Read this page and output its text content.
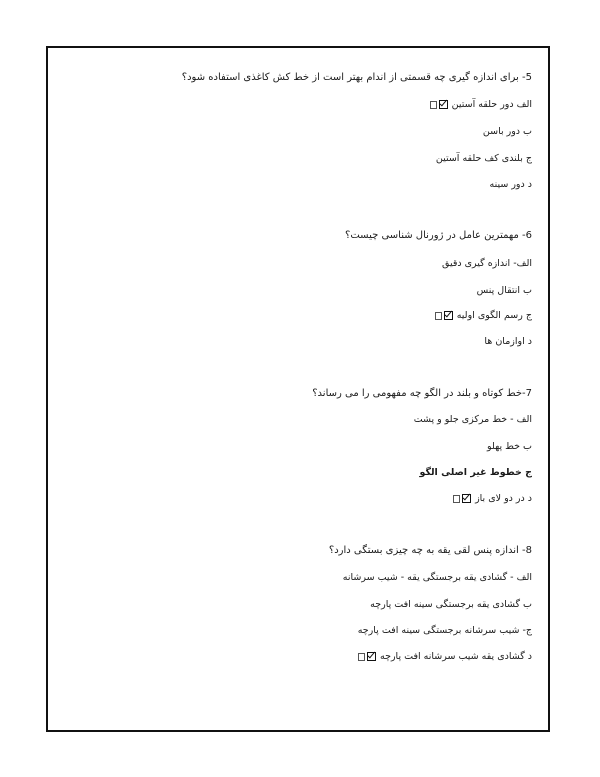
5- برای اندازه گیری چه قسمتی از اندام بهتر است از خط کش کاغذی استفاده شود؟
الف دور حلقه آستین
ب دور باسن
ج بلندی کف حلقه آستین
د دور سینه
6- مهمترین عامل در ژورنال شناسی چیست؟
الف- اندازه گیری دقیق
ب انتقال پنس
ج رسم الگوی اولیه
د اوازمان ها
7-خط کوتاه و بلند در الگو چه مفهومی را می رساند؟
الف - خط مرکزی جلو و پشت
ب خط پهلو
ج خطوط غیر اصلی الگو
د در دو لای باز
8- اندازه پنس لقی یقه به چه چیزی بستگی دارد؟
الف - گشادی یقه برجستگی یقه - شیب سرشانه
ب گشادی یقه برجستگی سینه افت پارچه
ج- شیب سرشانه برجستگی سینه افت پارچه
د گشادی یقه شیب سرشانه افت پارچه
